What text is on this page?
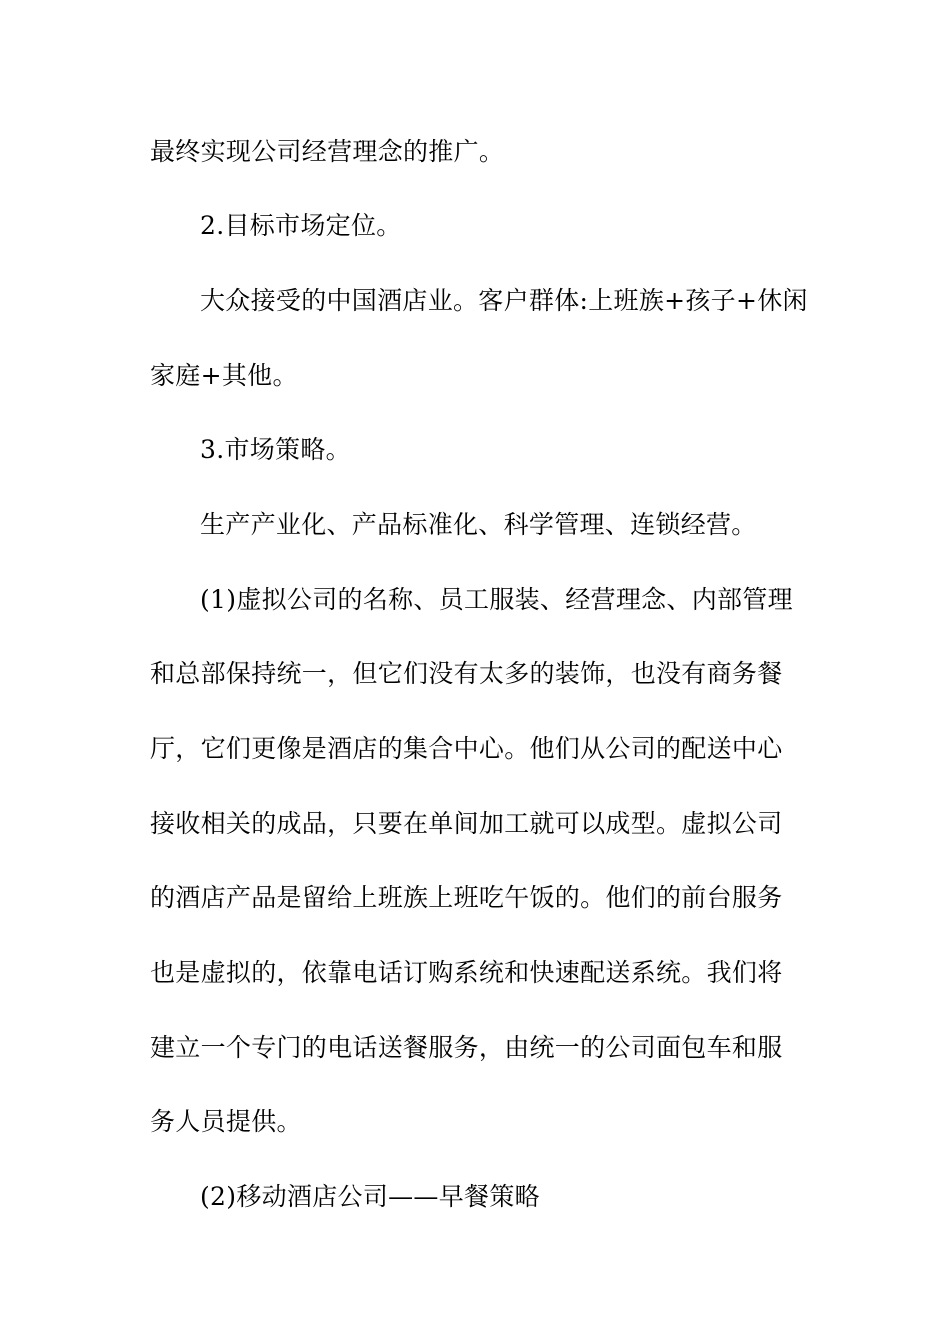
最终实现公司经营理念的推广。
2.目标市场定位。
大众接受的中国酒店业。客户群体:上班族+孩子+休闲
家庭+其他。
3.市场策略。
生产产业化、产品标准化、科学管理、连锁经营。
(1)虚拟公司的名称、员工服装、经营理念、内部管理
和总部保持统一，但它们没有太多的装饰，也没有商务餐
厅，它们更像是酒店的集合中心。他们从公司的配送中心
接收相关的成品，只要在单间加工就可以成型。虚拟公司
的酒店产品是留给上班族上班吃午饭的。他们的前台服务
也是虚拟的，依靠电话订购系统和快速配送系统。我们将
建立一个专门的电话送餐服务，由统一的公司面包车和服
务人员提供。
(2)移动酒店公司——早餐策略
